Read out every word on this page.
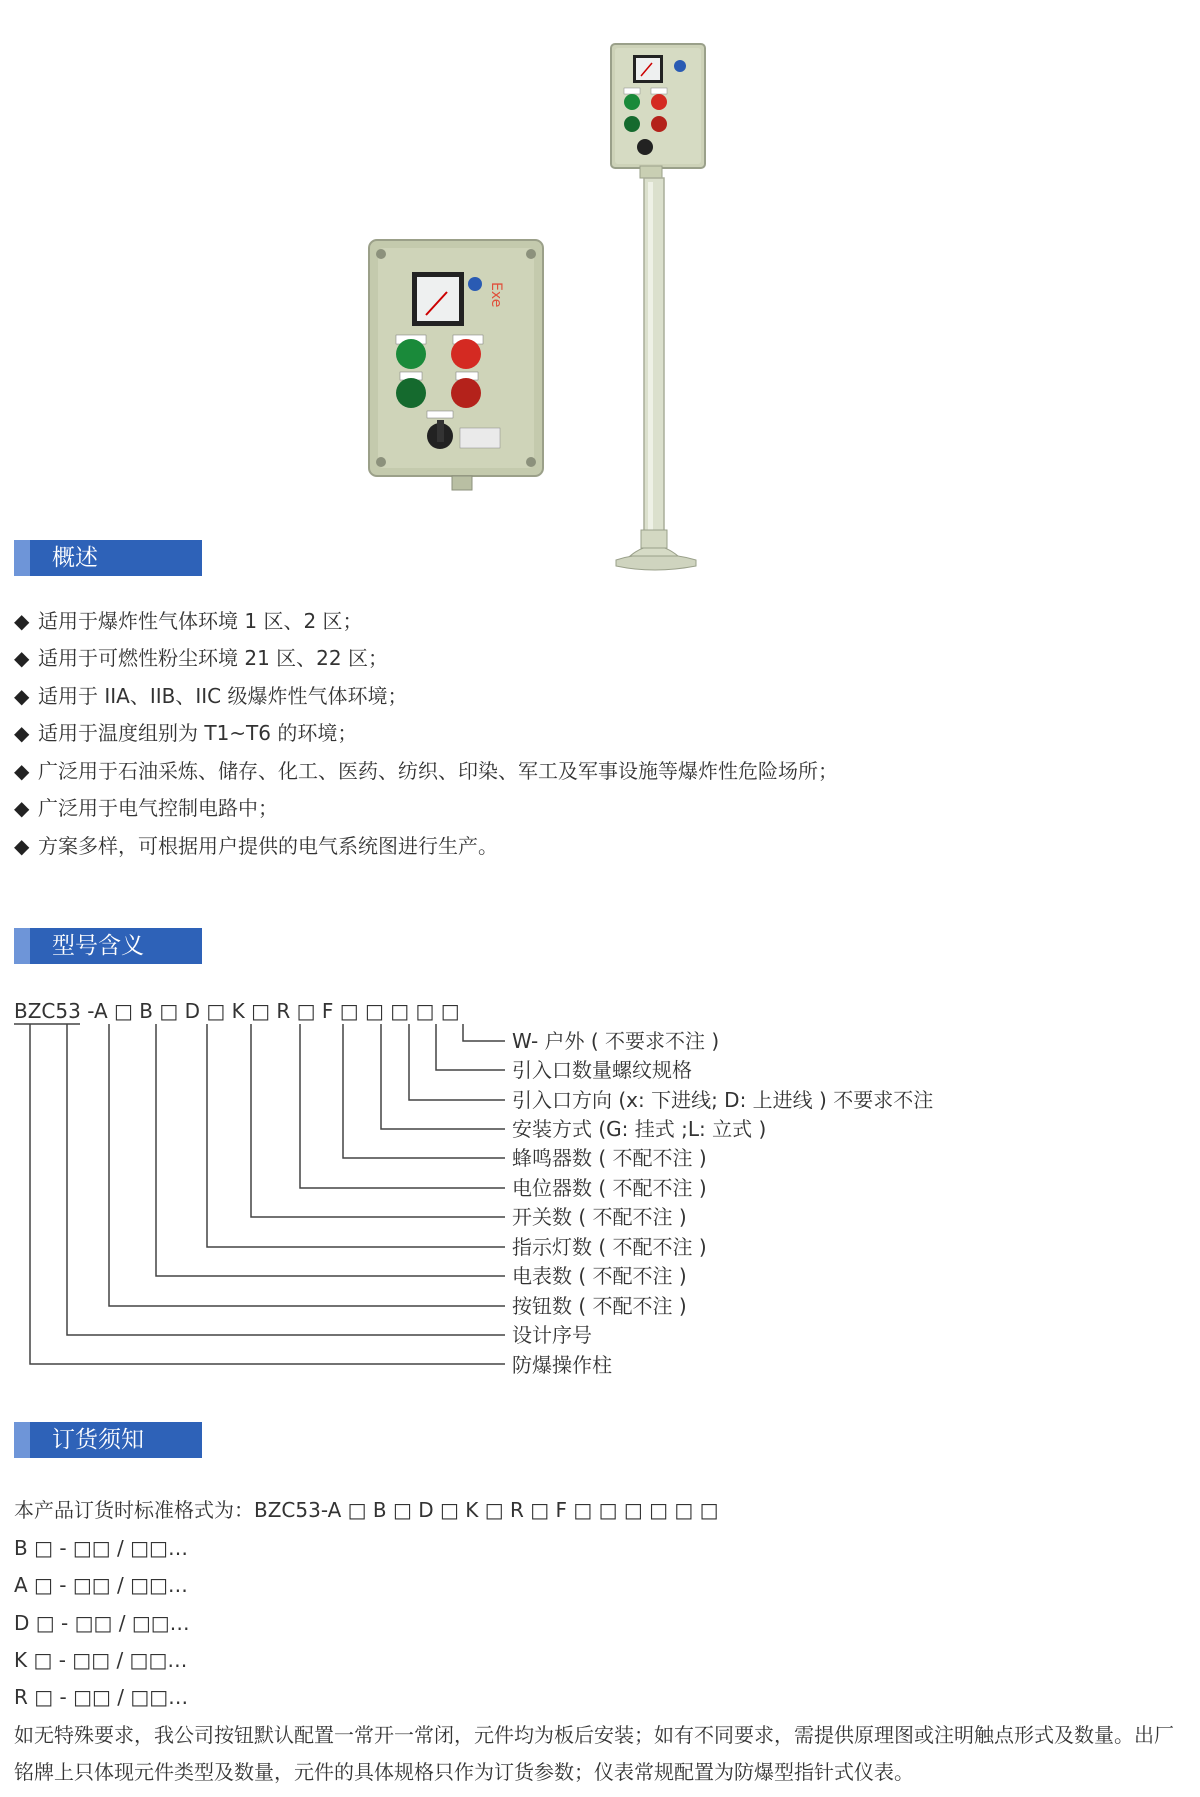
Exe
概述
◆ 适用于爆炸性气体环境 1 区、2 区；
◆ 适用于可燃性粉尘环境 21 区、22 区；
◆ 适用于 IIA、IIB、IIC 级爆炸性气体环境；
◆ 适用于温度组别为 T1~T6 的环境；
◆ 广泛用于石油采炼、储存、化工、医药、纺织、印染、军工及军事设施等爆炸性危险场所；
◆ 广泛用于电气控制电路中；
◆ 方案多样，可根据用户提供的电气系统图进行生产。
型号含义
BZC53 -A □ B □ D □ K □ R □ F □ □ □ □ □
W- 户外 ( 不要求不注 )
引入口数量螺纹规格
引入口方向 (x: 下进线; D: 上进线 ) 不要求不注
安装方式 (G: 挂式 ;L: 立式 )
蜂鸣器数 ( 不配不注 )
电位器数 ( 不配不注 )
开关数 ( 不配不注 )
指示灯数 ( 不配不注 )
电表数 ( 不配不注 )
按钮数 ( 不配不注 )
设计序号
防爆操作柱
订货须知
本产品订货时标准格式为：BZC53-A □ B □ D □ K □ R □ F □ □ □ □ □ □
B □ - □□ / □□…
A □ - □□ / □□…
D □ - □□ / □□…
K □ - □□ / □□…
R □ - □□ / □□…
如无特殊要求，我公司按钮默认配置一常开一常闭，元件均为板后安装；如有不同要求，需提供原理图或注明触点形式及数量。出厂铭牌上只体现元件类型及数量，元件的具体规格只作为订货参数；仪表常规配置为防爆型指针式仪表。
